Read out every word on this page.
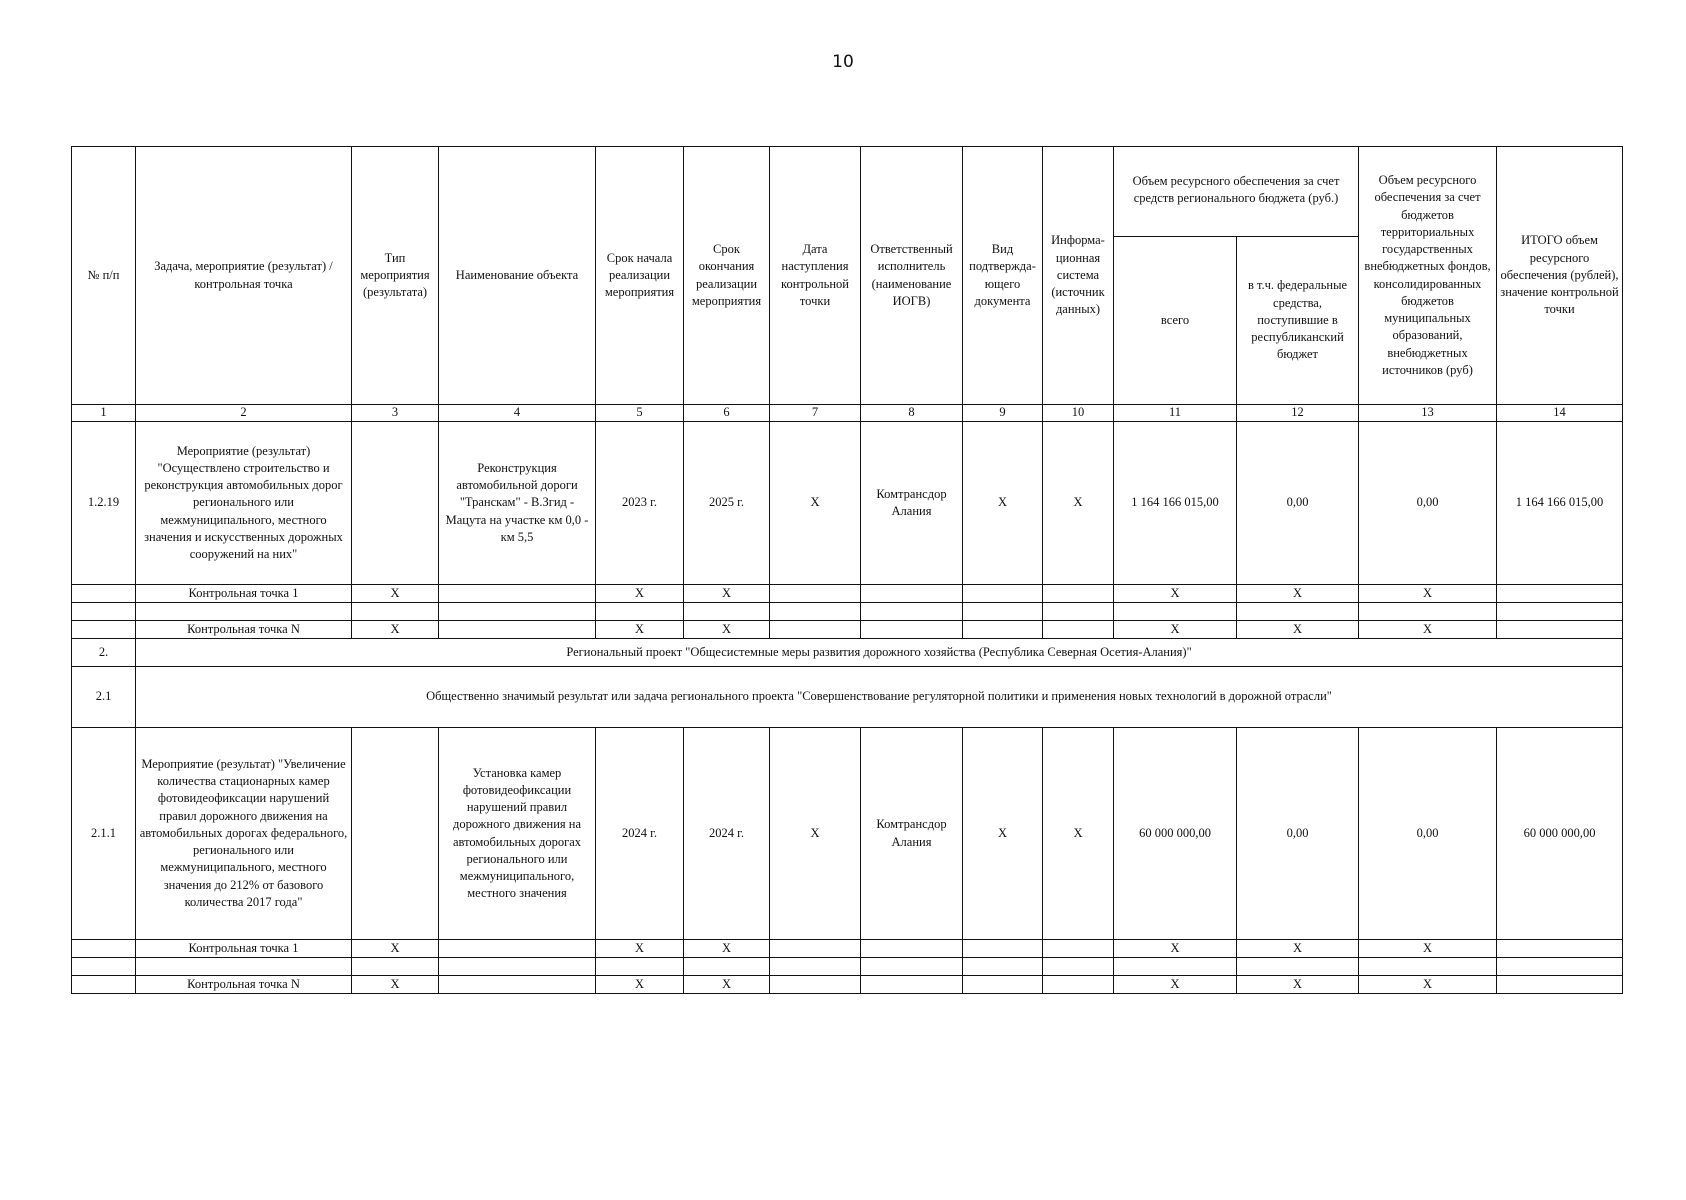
10
№ п/п	Задача, мероприятие (результат) / контрольная точка	Тип мероприятия (результата)	Наименование объекта	Срок начала реализации мероприятия	Срок окончания реализации мероприятия	Дата наступления контрольной точки	Ответственный исполнитель (наименование ИОГВ)	Вид подтвержда-ющего документа	Информа-ционная система (источник данных)	Объем ресурсного обеспечения за счет средств регионального бюджета (руб.)		Объем ресурсного обеспечения за счет бюджетов территориальных государственных внебюджетных фондов, консолидированных бюджетов муниципальных образований, внебюджетных источников (руб)	ИТОГО объем ресурсного обеспечения (рублей), значение контрольной точки
										всего	в т.ч. федеральные средства, поступившие в республиканский бюджет		
1	2	3	4	5	6	7	8	9	10	11	12	13	14
1.2.19	Мероприятие (результат) "Осуществлено строительство и реконструкция автомобильных дорог регионального или межмуниципального, местного значения и искусственных дорожных сооружений на них"		Реконструкция автомобильной дороги "Транскам" - В.Згид - Мацута на участке км 0,0 - км 5,5	2023 г.	2025 г.	X	Комтрансдор Алания	X	X	1 164 166 015,00	0,00	0,00	1 164 166 015,00
	Контрольная точка 1	X		X	X					X	X	X	

	Контрольная точка N	X		X	X					X	X	X	
2.	Региональный проект "Общесистемные меры развития дорожного хозяйства (Республика Северная Осетия-Алания)"												
2.1	Общественно значимый результат или задача регионального проекта "Совершенствование регуляторной политики и применения новых технологий в дорожной отрасли"												
2.1.1	Мероприятие (результат) "Увеличение количества стационарных камер фотовидеофиксации нарушений правил дорожного движения на автомобильных дорогах федерального, регионального или межмуниципального, местного значения до 212% от базового количества 2017 года"		Установка камер фотовидеофиксации нарушений правил дорожного движения на автомобильных дорогах регионального или межмуниципального, местного значения	2024 г.	2024 г.	X	Комтрансдор Алания	X	X	60 000 000,00	0,00	0,00	60 000 000,00
	Контрольная точка 1	X		X	X					X	X	X	

	Контрольная точка N	X		X	X					X	X	X	
